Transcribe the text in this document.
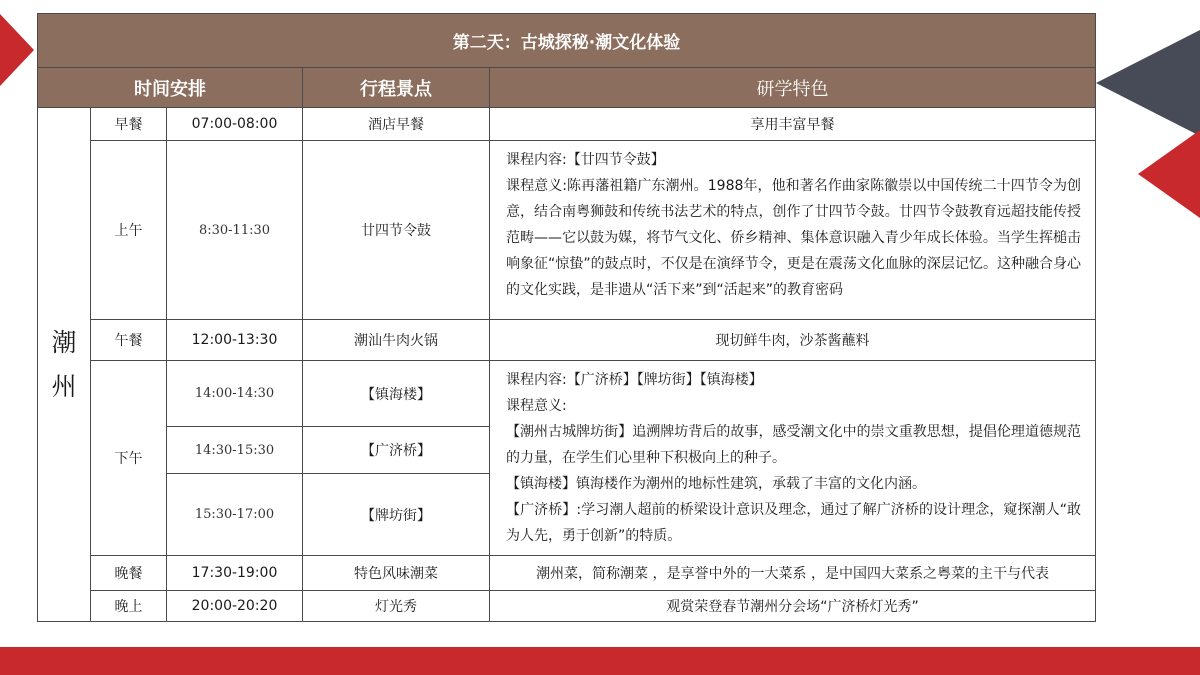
第二天：古城探秘·潮文化体验				
时间安排			行程景点	研学特色

潮
州	早餐	07:00-08:00	酒店早餐	享用丰富早餐
	上午	8:30-11:30	廿四节令鼓	课程内容:【廿四节令鼓】

课程意义:陈再藩祖籍广东潮州。1988年，他和著名作曲家陈徽崇以中国传统二十四节令为创意，结合南粤狮鼓和传统书法艺术的特点，创作了廿四节令鼓。廿四节令鼓教育远超技能传授范畴——它以鼓为媒，将节气文化、侨乡精神、集体意识融入青少年成长体验。当学生挥槌击响象征“惊蛰”的鼓点时，不仅是在演绎节令，更是在震荡文化血脉的深层记忆。这种融合身心的文化实践，是非遗从“活下来”到“活起来”的教育密码

	午餐	12:00-13:30	潮汕牛肉火锅	现切鲜牛肉，沙茶酱蘸料
	下午	14:00-14:30	【镇海楼】	课程内容:【广济桥】【牌坊街】【镇海楼】

课程意义:

【潮州古城牌坊街】追溯牌坊背后的故事，感受潮文化中的崇文重教思想，提倡伦理道德规范的力量，在学生们心里种下积极向上的种子。

【镇海楼】镇海楼作为潮州的地标性建筑，承载了丰富的文化内涵。

【广济桥】:学习潮人超前的桥梁设计意识及理念，通过了解广济桥的设计理念，窥探潮人“敢为人先，勇于创新”的特质。

		14:30-15:30	【广济桥】	
		15:30-17:00	【牌坊街】	
	晚餐	17:30-19:00	特色风味潮菜	潮州菜，简称潮菜 ，是享誉中外的一大菜系 ，是中国四大菜系之粤菜的主干与代表
	晚上	20:00-20:20	灯光秀	观赏荣登春节潮州分会场“广济桥灯光秀”
